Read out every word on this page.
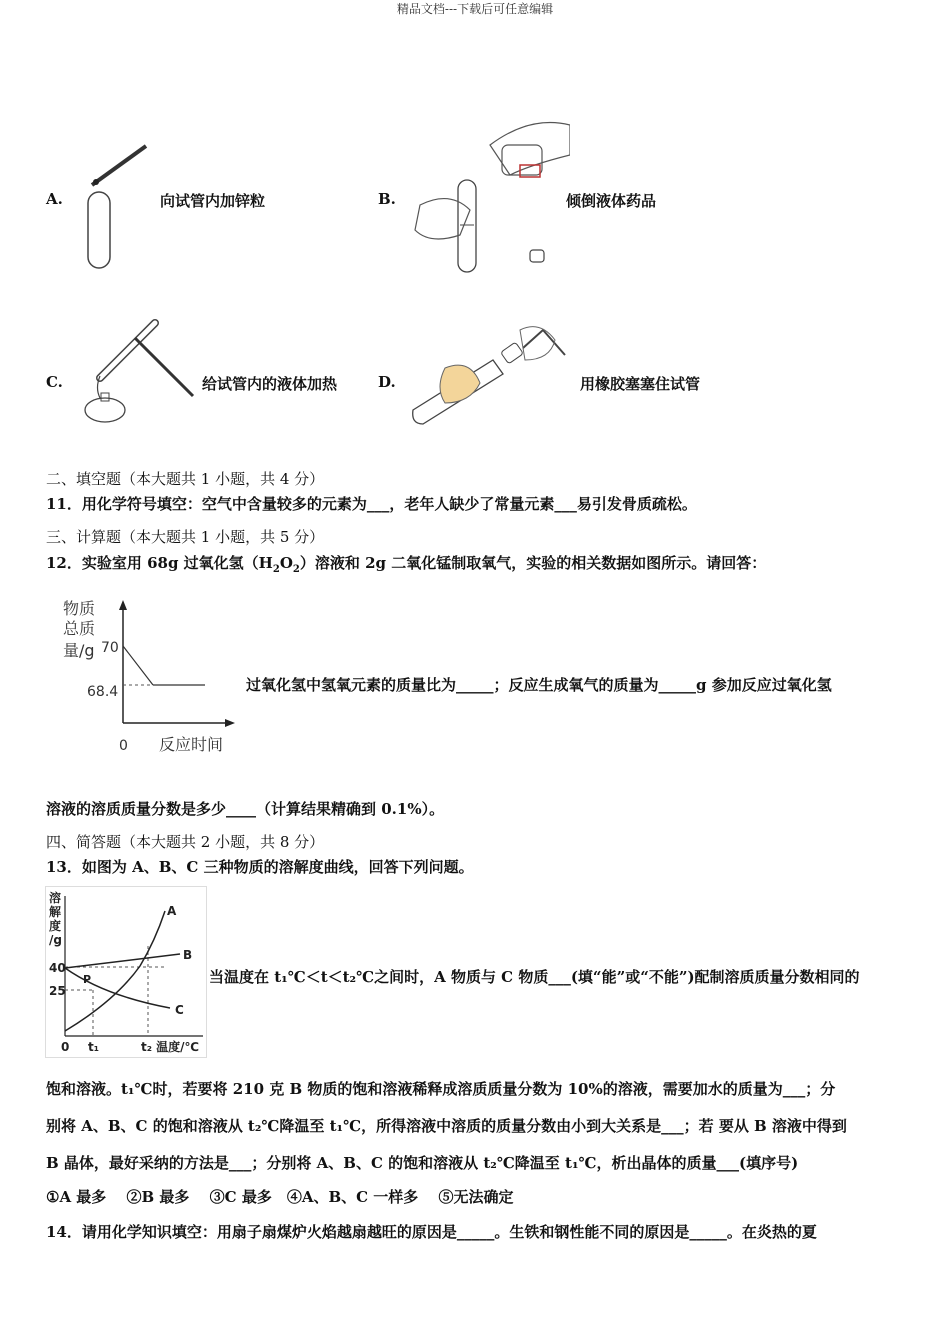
精品文档---下载后可任意编辑
A.	向试管内加锌粒	B.	倾倒液体药品
C.	给试管内的液体加热	D.	用橡胶塞塞住试管
二、填空题（本大题共 1 小题，共 4 分）
11．用化学符号填空：空气中含量较多的元素为___，老年人缺少了常量元素___易引发骨质疏松。
三、计算题（本大题共 1 小题，共 5 分）
12．实验室用 68g 过氧化氢$(H_2O_2)$溶液和 2g 二氧化锰制取氧气，实验的相关数据如图所示。请回答：
物质
总质
量/g 70
68.4
0 反应时间
过氧化氢中氢氧元素的质量比为_____；反应生成氧气的质量为_____g 参加反应过氧化氢
溶液的溶质质量分数是多少____（计算结果精确到 0.1%）。
四、简答题（本大题共 2 小题，共 8 分）
13．如图为 A、B、C 三种物质的溶解度曲线，回答下列问题。
溶
解
度
/g
40
25
0 t₁	t₂ 温度/℃
A
B
C
P	当温度在 t₁℃＜t＜t₂℃之间时，A 物质与 C 物质___(填“能”或“不能”)配制溶质质量分数相同的
饱和溶液。t₁℃时，若要将 210 克 B 物质的饱和溶液稀释成溶质质量分数为 10%的溶液，需要加水的质量为___；分
别将 A、B、C 的饱和溶液从 t₂℃降温至 t₁℃，所得溶液中溶质的质量分数由小到大关系是___；若 要从 B 溶液中得到
B 晶体，最好采纳的方法是___；分别将 A、B、C 的饱和溶液从 t₂℃降温至 t₁℃，析出晶体的质量___(填序号)
①A 最多　 ②B 最多　 ③C 最多　④A、B、C 一样多　 ⑤无法确定
14．请用化学知识填空：用扇子扇煤炉火焰越扇越旺的原因是_____。生铁和钢性能不同的原因是_____。在炎热的夏
